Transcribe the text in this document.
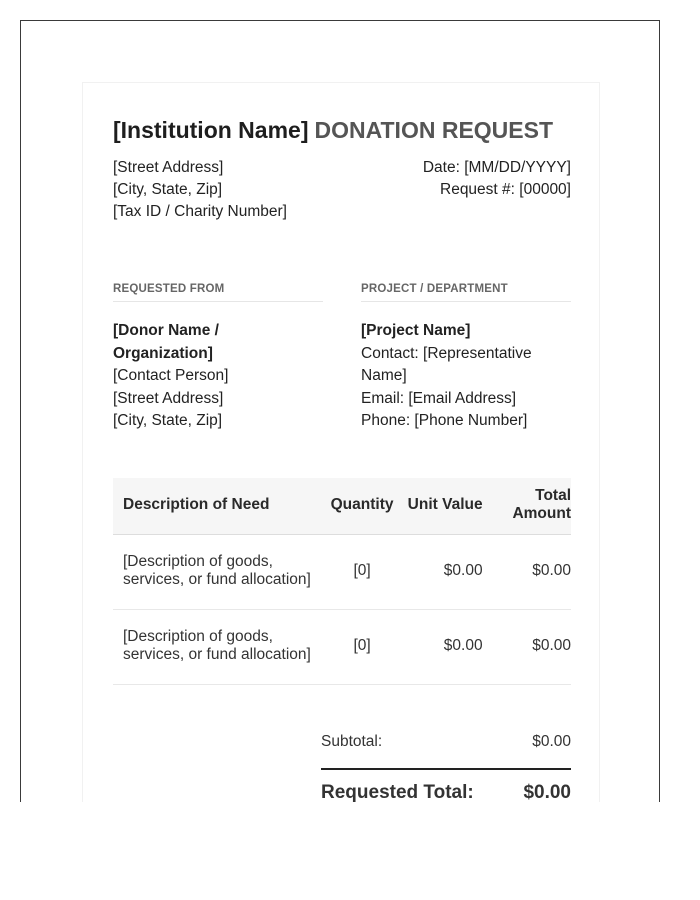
[Institution Name] DONATION REQUEST
[Street Address]
[City, State, Zip]
[Tax ID / Charity Number]
Date: [MM/DD/YYYY]
Request #: [00000]
REQUESTED FROM
[Donor Name / Organization]
[Contact Person]
[Street Address]
[City, State, Zip]
PROJECT / DEPARTMENT
[Project Name]
Contact: [Representative Name]
Email: [Email Address]
Phone: [Phone Number]
Description of Need	Quantity	Unit Value	Total Amount
[Description of goods, services, or fund allocation]	[0]	$0.00	$0.00
[Description of goods, services, or fund allocation]	[0]	$0.00	$0.00
Subtotal:	$0.00
Requested Total:	$0.00
